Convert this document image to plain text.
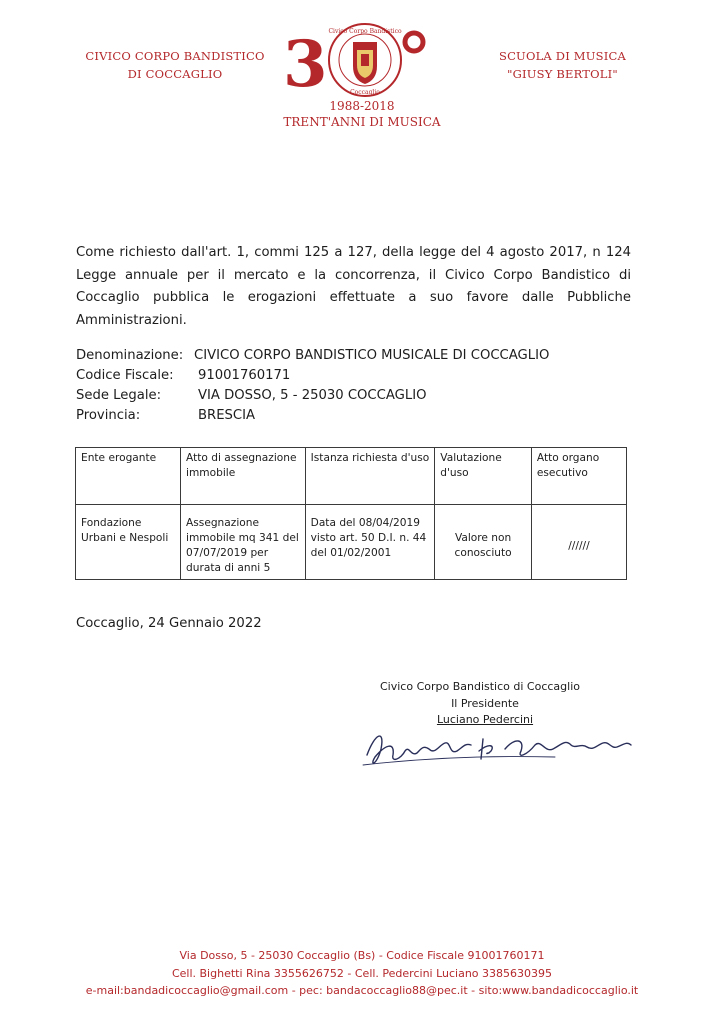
CIVICO CORPO BANDISTICO
DI COCCAGLIO 3 Civico Corpo Bandistico
Coccaglio
1988-2018
TRENT'ANNI DI MUSICA
SCUOLA DI MUSICA
"GIUSY BERTOLI"
Come richiesto dall'art. 1, commi 125 a 127, della legge del 4 agosto 2017, n 124 Legge annuale per il mercato e la concorrenza, il Civico Corpo Bandistico di Coccaglio pubblica le erogazioni effettuate a suo favore dalle Pubbliche Amministrazioni.
Denominazione: CIVICO CORPO BANDISTICO MUSICALE DI COCCAGLIO
Codice Fiscale: 91001760171
Sede Legale:	VIA DOSSO, 5 - 25030 COCCAGLIO
Provincia:	BRESCIA
Ente erogante	Atto di assegnazione immobile	Istanza richiesta d'uso	Valutazione d'uso	Atto organo esecutivo
Fondazione Urbani e Nespoli	Assegnazione immobile mq 341 del 07/07/2019 per durata di anni 5	Data del 08/04/2019 visto art. 50 D.I. n. 44 del 01/02/2001	Valore non conosciuto	//////
Coccaglio, 24 Gennaio 2022
Civico Corpo Bandistico di Coccaglio
Il Presidente
Luciano Pedercini
Via Dosso, 5 - 25030 Coccaglio (Bs) - Codice Fiscale 91001760171
Cell. Bighetti Rina 3355626752 - Cell. Pedercini Luciano 3385630395
e-mail:bandadicoccaglio@gmail.com - pec: bandacoccaglio88@pec.it - sito:www.bandadicoccaglio.it
